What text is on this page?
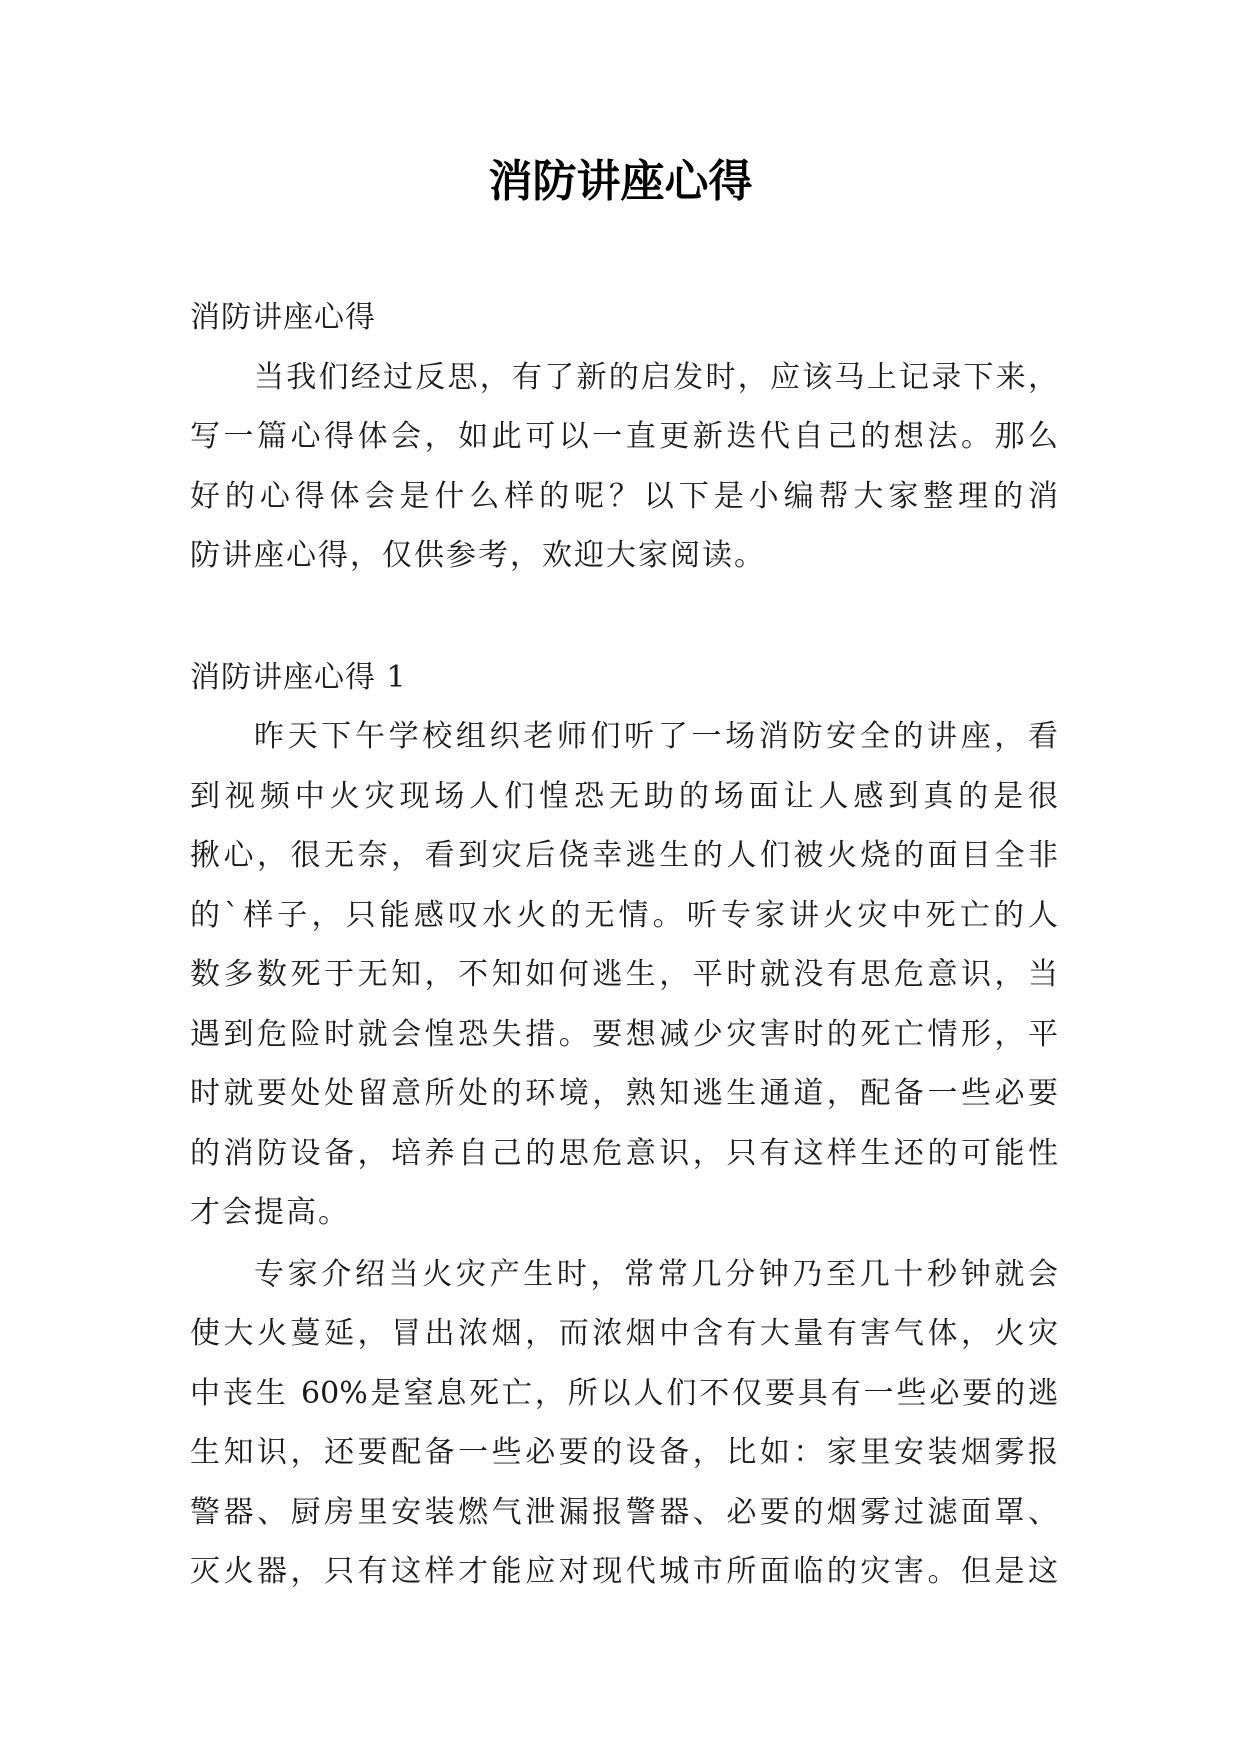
消防讲座心得
消防讲座心得
当我们经过反思，有了新的启发时，应该马上记录下来，
写一篇心得体会，如此可以一直更新迭代自己的想法。那么
好的心得体会是什么样的呢？以下是小编帮大家整理的消
防讲座心得，仅供参考，欢迎大家阅读。
消防讲座心得 1
昨天下午学校组织老师们听了一场消防安全的讲座，看
到视频中火灾现场人们惶恐无助的场面让人感到真的是很
揪心，很无奈，看到灾后侥幸逃生的人们被火烧的面目全非
的`样子，只能感叹水火的无情。听专家讲火灾中死亡的人
数多数死于无知，不知如何逃生，平时就没有思危意识，当
遇到危险时就会惶恐失措。要想减少灾害时的死亡情形，平
时就要处处留意所处的环境，熟知逃生通道，配备一些必要
的消防设备，培养自己的思危意识，只有这样生还的可能性
才会提高。
专家介绍当火灾产生时，常常几分钟乃至几十秒钟就会
使大火蔓延，冒出浓烟，而浓烟中含有大量有害气体，火灾
中丧生 60%是窒息死亡，所以人们不仅要具有一些必要的逃
生知识，还要配备一些必要的设备，比如：家里安装烟雾报
警器、厨房里安装燃气泄漏报警器、必要的烟雾过滤面罩、
灭火器，只有这样才能应对现代城市所面临的灾害。但是这
